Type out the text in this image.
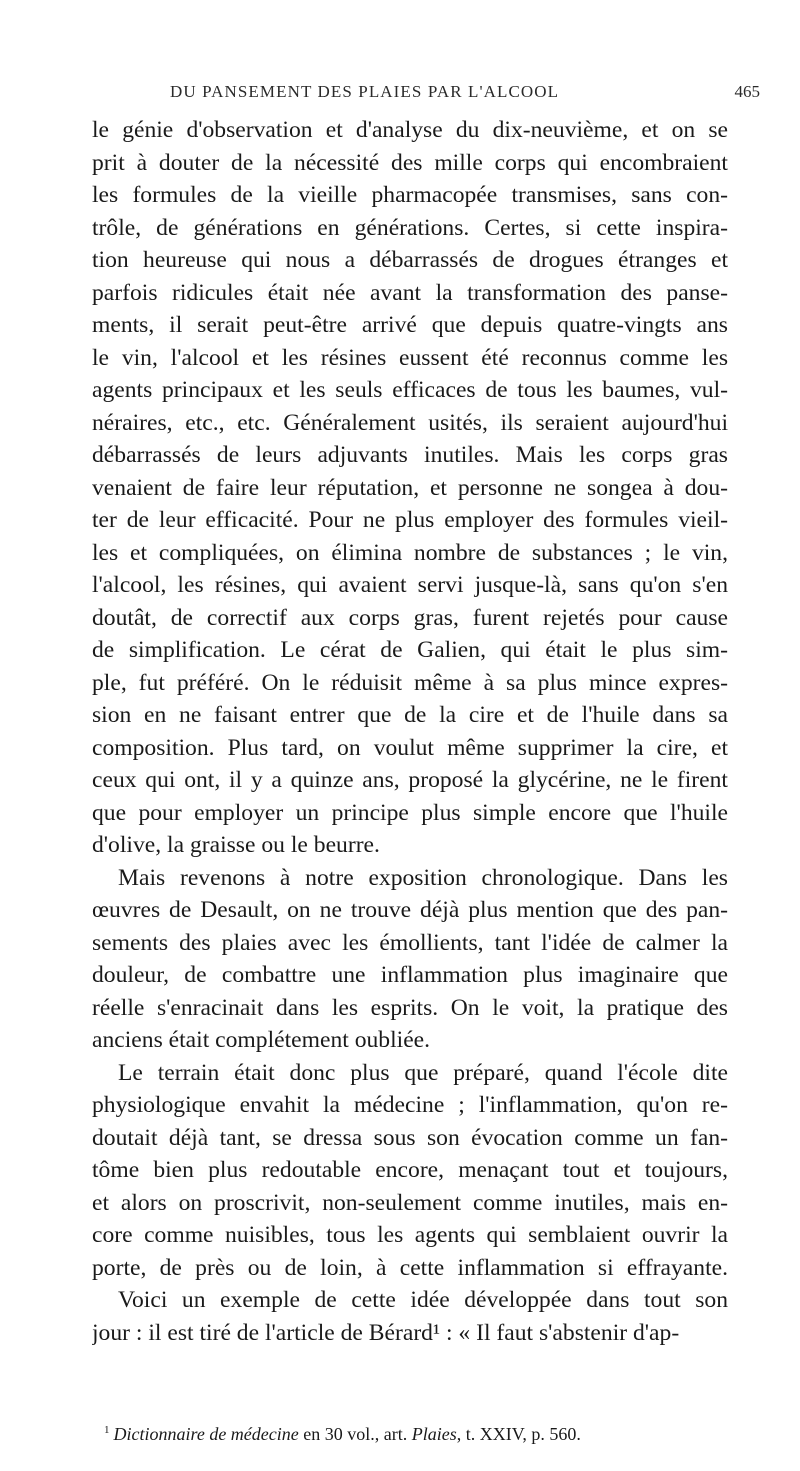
DU PANSEMENT DES PLAIES PAR L'ALCOOL	465
le génie d'observation et d'analyse du dix-neuvième, et on se
prit à douter de la nécessité des mille corps qui encombraient
les formules de la vieille pharmacopée transmises, sans con-
trôle, de générations en générations. Certes, si cette inspira-
tion heureuse qui nous a débarrassés de drogues étranges et
parfois ridicules était née avant la transformation des panse-
ments, il serait peut-être arrivé que depuis quatre-vingts ans
le vin, l'alcool et les résines eussent été reconnus comme les
agents principaux et les seuls efficaces de tous les baumes, vul-
néraires, etc., etc. Généralement usités, ils seraient aujourd'hui
débarrassés de leurs adjuvants inutiles. Mais les corps gras
venaient de faire leur réputation, et personne ne songea à dou-
ter de leur efficacité. Pour ne plus employer des formules vieil-
les et compliquées, on élimina nombre de substances ; le vin,
l'alcool, les résines, qui avaient servi jusque-là, sans qu'on s'en
doutât, de correctif aux corps gras, furent rejetés pour cause
de simplification. Le cérat de Galien, qui était le plus sim-
ple, fut préféré. On le réduisit même à sa plus mince expres-
sion en ne faisant entrer que de la cire et de l'huile dans sa
composition. Plus tard, on voulut même supprimer la cire, et
ceux qui ont, il y a quinze ans, proposé la glycérine, ne le firent
que pour employer un principe plus simple encore que l'huile
d'olive, la graisse ou le beurre.
Mais revenons à notre exposition chronologique. Dans les
œuvres de Desault, on ne trouve déjà plus mention que des pan-
sements des plaies avec les émollients, tant l'idée de calmer la
douleur, de combattre une inflammation plus imaginaire que
réelle s'enracinait dans les esprits. On le voit, la pratique des
anciens était complétement oubliée.
Le terrain était donc plus que préparé, quand l'école dite
physiologique envahit la médecine ; l'inflammation, qu'on re-
doutait déjà tant, se dressa sous son évocation comme un fan-
tôme bien plus redoutable encore, menaçant tout et toujours,
et alors on proscrivit, non-seulement comme inutiles, mais en-
core comme nuisibles, tous les agents qui semblaient ouvrir la
porte, de près ou de loin, à cette inflammation si effrayante.
Voici un exemple de cette idée développée dans tout son
jour : il est tiré de l'article de Bérard¹ : « Il faut s'abstenir d'ap-
$^1$ Dictionnaire de médecine en 30 vol., art. Plaies, t. XXIV, p. 560.
